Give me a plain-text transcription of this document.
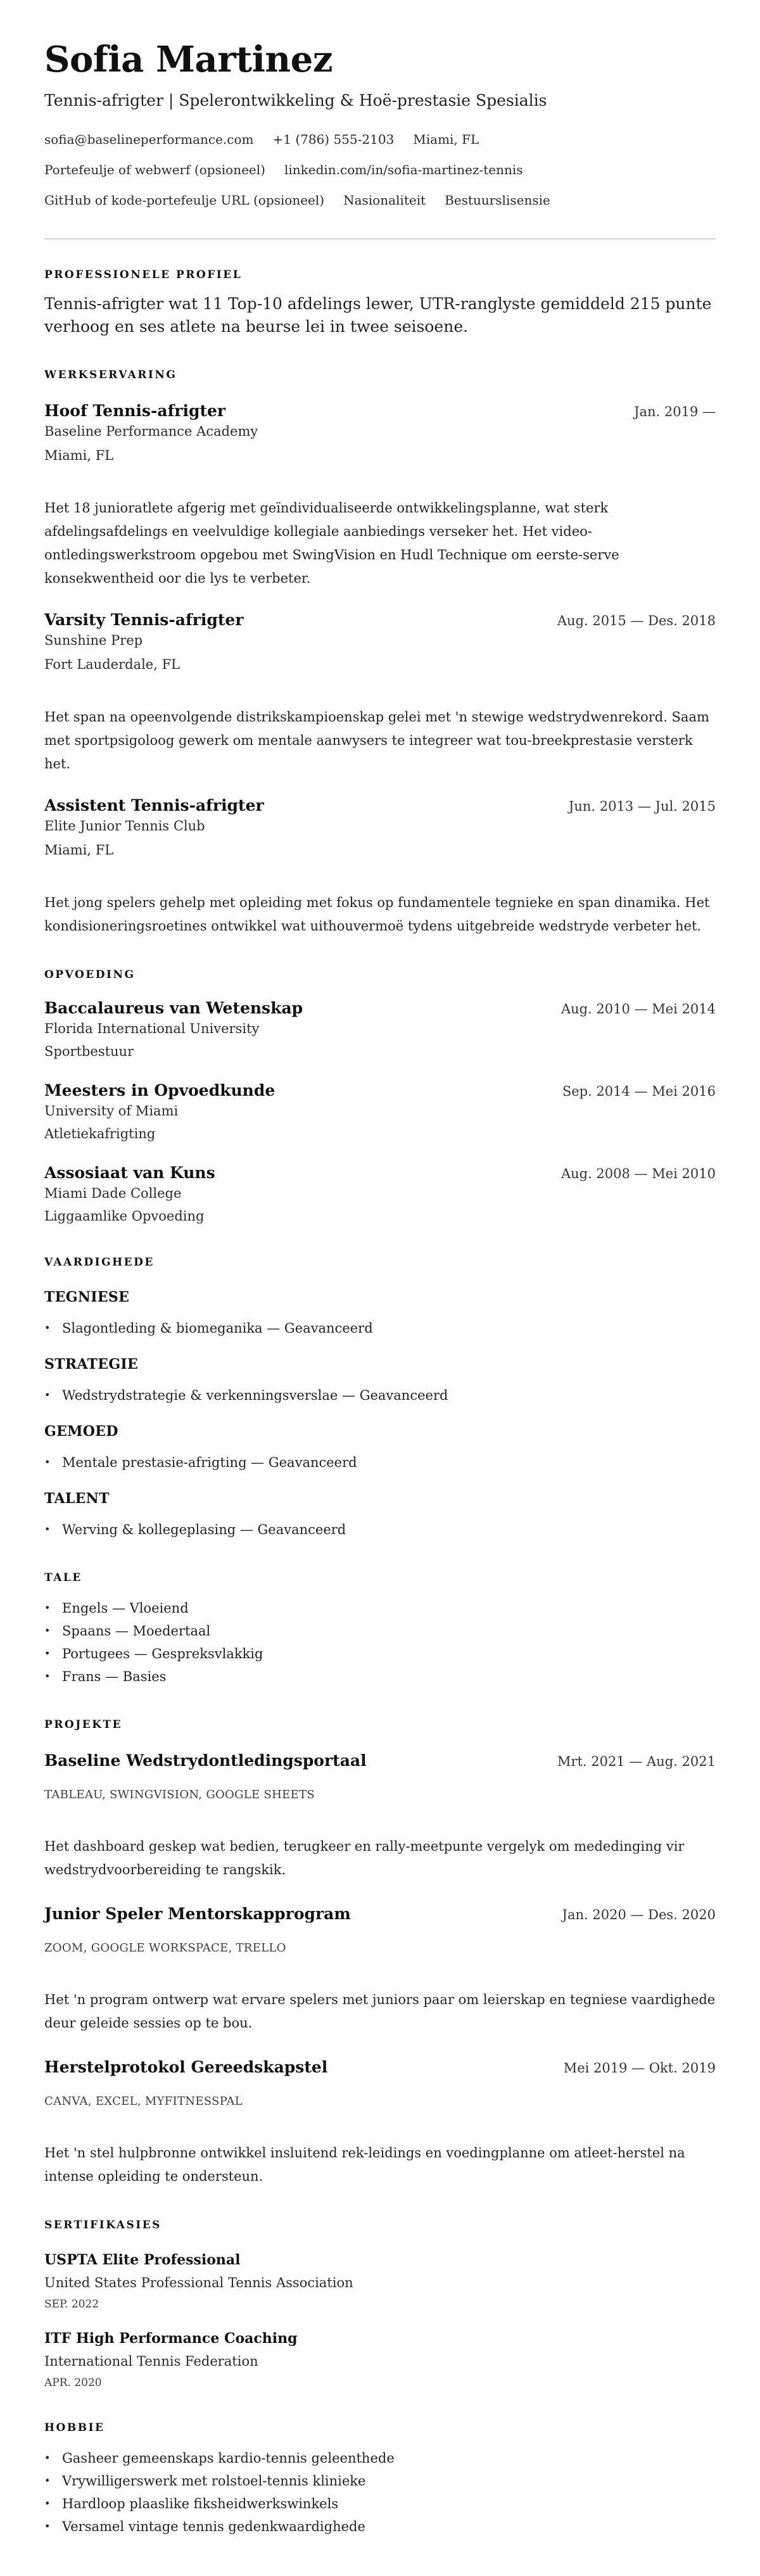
Sofia Martinez
Tennis-afrigter | Spelerontwikkeling & Hoë-prestasie Spesialis
sofia@baselineperformance.com +1 (786) 555-2103 Miami, FL
Portefeulje of webwerf (opsioneel) linkedin.com/in/sofia-martinez-tennis
GitHub of kode-portefeulje URL (opsioneel) Nasionaliteit Bestuurslisensie
PROFESSIONELE PROFIEL

Tennis-afrigter wat 11 Top-10 afdelings lewer, UTR-ranglyste gemiddeld 215 punte verhoog en ses atlete na beurse lei in twee seisoene.

WERKSERVARING
Hoof Tennis-afrigter	Jan. 2019 —
Baseline Performance Academy
Miami, FL

Het 18 junioratlete afgerig met geïndividualiseerde ontwikkelingsplanne, wat sterk afdelingsafdelings en veelvuldige kollegiale aanbiedings verseker het. Het video-ontledingswerkstroom opgebou met SwingVision en Hudl Technique om eerste-serve konsekwentheid oor die lys te verbeter.

Varsity Tennis-afrigter	Aug. 2015 — Des. 2018
Sunshine Prep
Fort Lauderdale, FL

Het span na opeenvolgende distrikskampioenskap gelei met 'n stewige wedstrydwenrekord. Saam met sportpsigoloog gewerk om mentale aanwysers te integreer wat tou-breekprestasie versterk het.

Assistent Tennis-afrigter	Jun. 2013 — Jul. 2015
Elite Junior Tennis Club
Miami, FL

Het jong spelers gehelp met opleiding met fokus op fundamentele tegnieke en span dinamika. Het kondisioneringsroetines ontwikkel wat uithouvermoë tydens uitgebreide wedstryde verbeter het.

OPVOEDING
Baccalaureus van Wetenskap	Aug. 2010 — Mei 2014
Florida International University
Sportbestuur
Meesters in Opvoedkunde	Sep. 2014 — Mei 2016
University of Miami
Atletiekafrigting
Assosiaat van Kuns	Aug. 2008 — Mei 2010
Miami Dade College
Liggaamlike Opvoeding
VAARDIGHEDE
TEGNIESE
• Slagontleding & biomeganika — Geavanceerd
STRATEGIE
• Wedstrydstrategie & verkenningsverslae — Geavanceerd
GEMOED
• Mentale prestasie-afrigting — Geavanceerd
TALENT
• Werving & kollegeplasing — Geavanceerd
TALE
• Engels — Vloeiend
• Spaans — Moedertaal
• Portugees — Gespreksvlakkig
• Frans — Basies
PROJEKTE
Baseline Wedstrydontledingsportaal	Mrt. 2021 — Aug. 2021
TABLEAU, SWINGVISION, GOOGLE SHEETS

Het dashboard geskep wat bedien, terugkeer en rally-meetpunte vergelyk om mededinging vir wedstrydvoorbereiding te rangskik.

Junior Speler Mentorskapprogram	Jan. 2020 — Des. 2020
ZOOM, GOOGLE WORKSPACE, TRELLO

Het 'n program ontwerp wat ervare spelers met juniors paar om leierskap en tegniese vaardighede deur geleide sessies op te bou.

Herstelprotokol Gereedskapstel	Mei 2019 — Okt. 2019
CANVA, EXCEL, MYFITNESSPAL

Het 'n stel hulpbronne ontwikkel insluitend rek-leidings en voedingplanne om atleet-herstel na intense opleiding te ondersteun.

SERTIFIKASIES
USPTA Elite Professional
United States Professional Tennis Association
SEP. 2022
ITF High Performance Coaching
International Tennis Federation
APR. 2020
HOBBIE
• Gasheer gemeenskaps kardio-tennis geleenthede
• Vrywilligerswerk met rolstoel-tennis klinieke
• Hardloop plaaslike fiksheidwerkswinkels
• Versamel vintage tennis gedenkwaardighede
